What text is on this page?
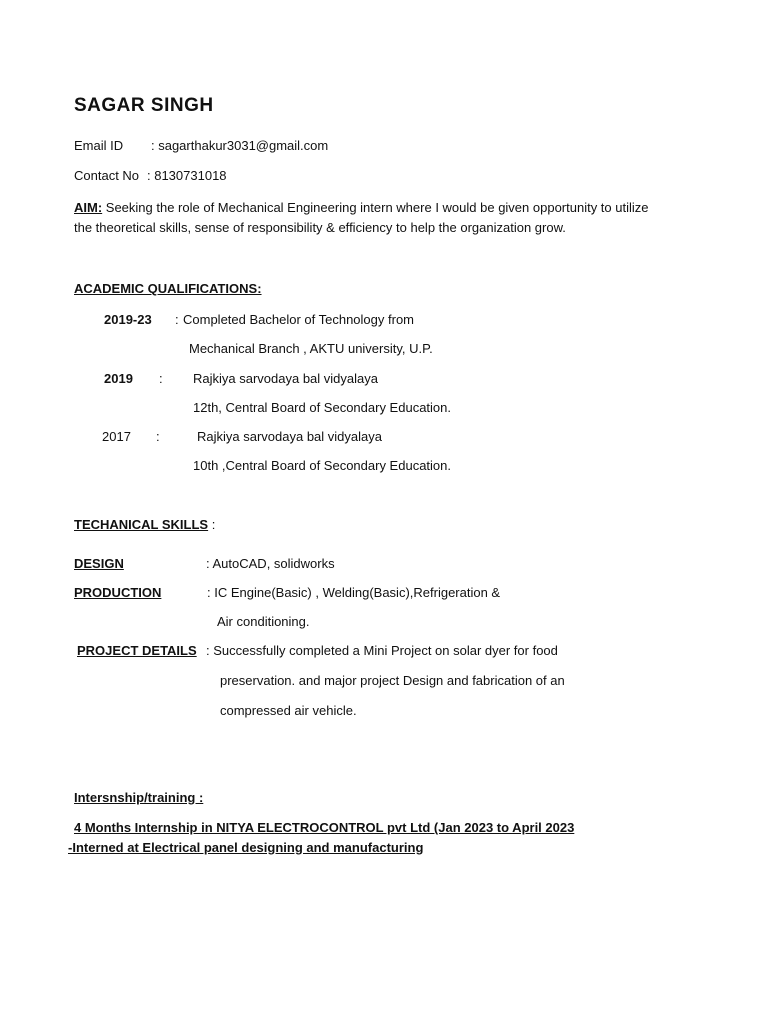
SAGAR SINGH
Email ID : sagarthakur3031@gmail.com
Contact No : 8130731018
AIM: Seeking the role of Mechanical Engineering intern where I would be given opportunity to utilize
the theoretical skills, sense of responsibility & efficiency to help the organization grow.
ACADEMIC QUALIFICATIONS:
2019-23 : Completed Bachelor of Technology from
Mechanical Branch , AKTU university, U.P.
2019 : Rajkiya sarvodaya bal vidyalaya
12th, Central Board of Secondary Education.
2017 :	Rajkiya sarvodaya bal vidyalaya
10th ,Central Board of Secondary Education.
TECHANICAL SKILLS :
DESIGN	: AutoCAD, solidworks
PRODUCTION	: IC Engine(Basic) , Welding(Basic),Refrigeration &
Air conditioning.
PROJECT DETAILS : Successfully completed a Mini Project on solar dyer for food
preservation. and major project Design and fabrication of an
compressed air vehicle.
Intersnship/training :
4 Months Internship in NITYA ELECTROCONTROL pvt Ltd (Jan 2023 to April 2023
-Interned at Electrical panel designing and manufacturing
